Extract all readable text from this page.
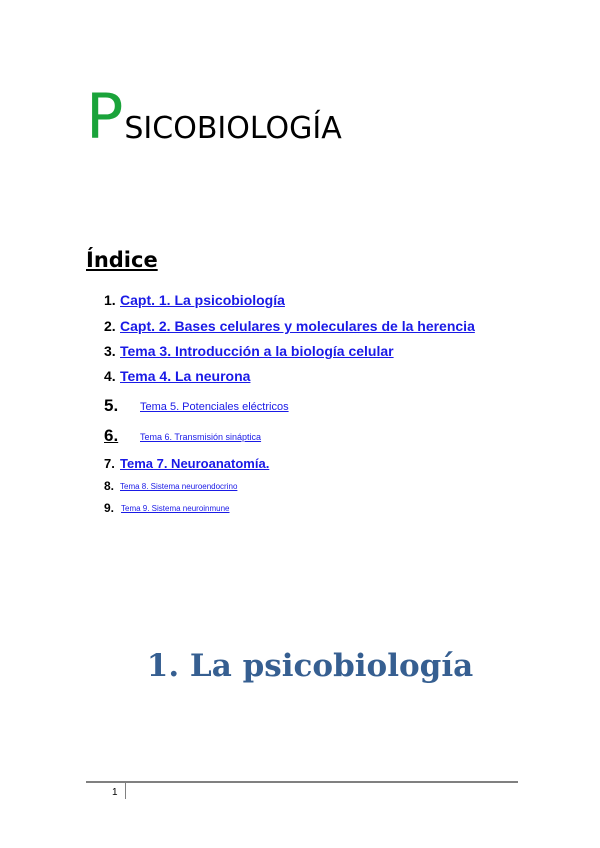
P SICOBIOLOGÍA
Índice
1. Capt. 1. La psicobiología
2. Capt. 2. Bases celulares y moleculares de la herencia
3. Tema 3. Introducción a la biología celular
4. Tema 4. La neurona
5. Tema 5. Potenciales eléctricos
6.	Tema 6. Transmisión sináptica
7. Tema 7. Neuroanatomía.
8. Tema 8. Sistema neuroendocrino
9. Tema 9. Sistema neuroinmune
1. La psicobiología
1
